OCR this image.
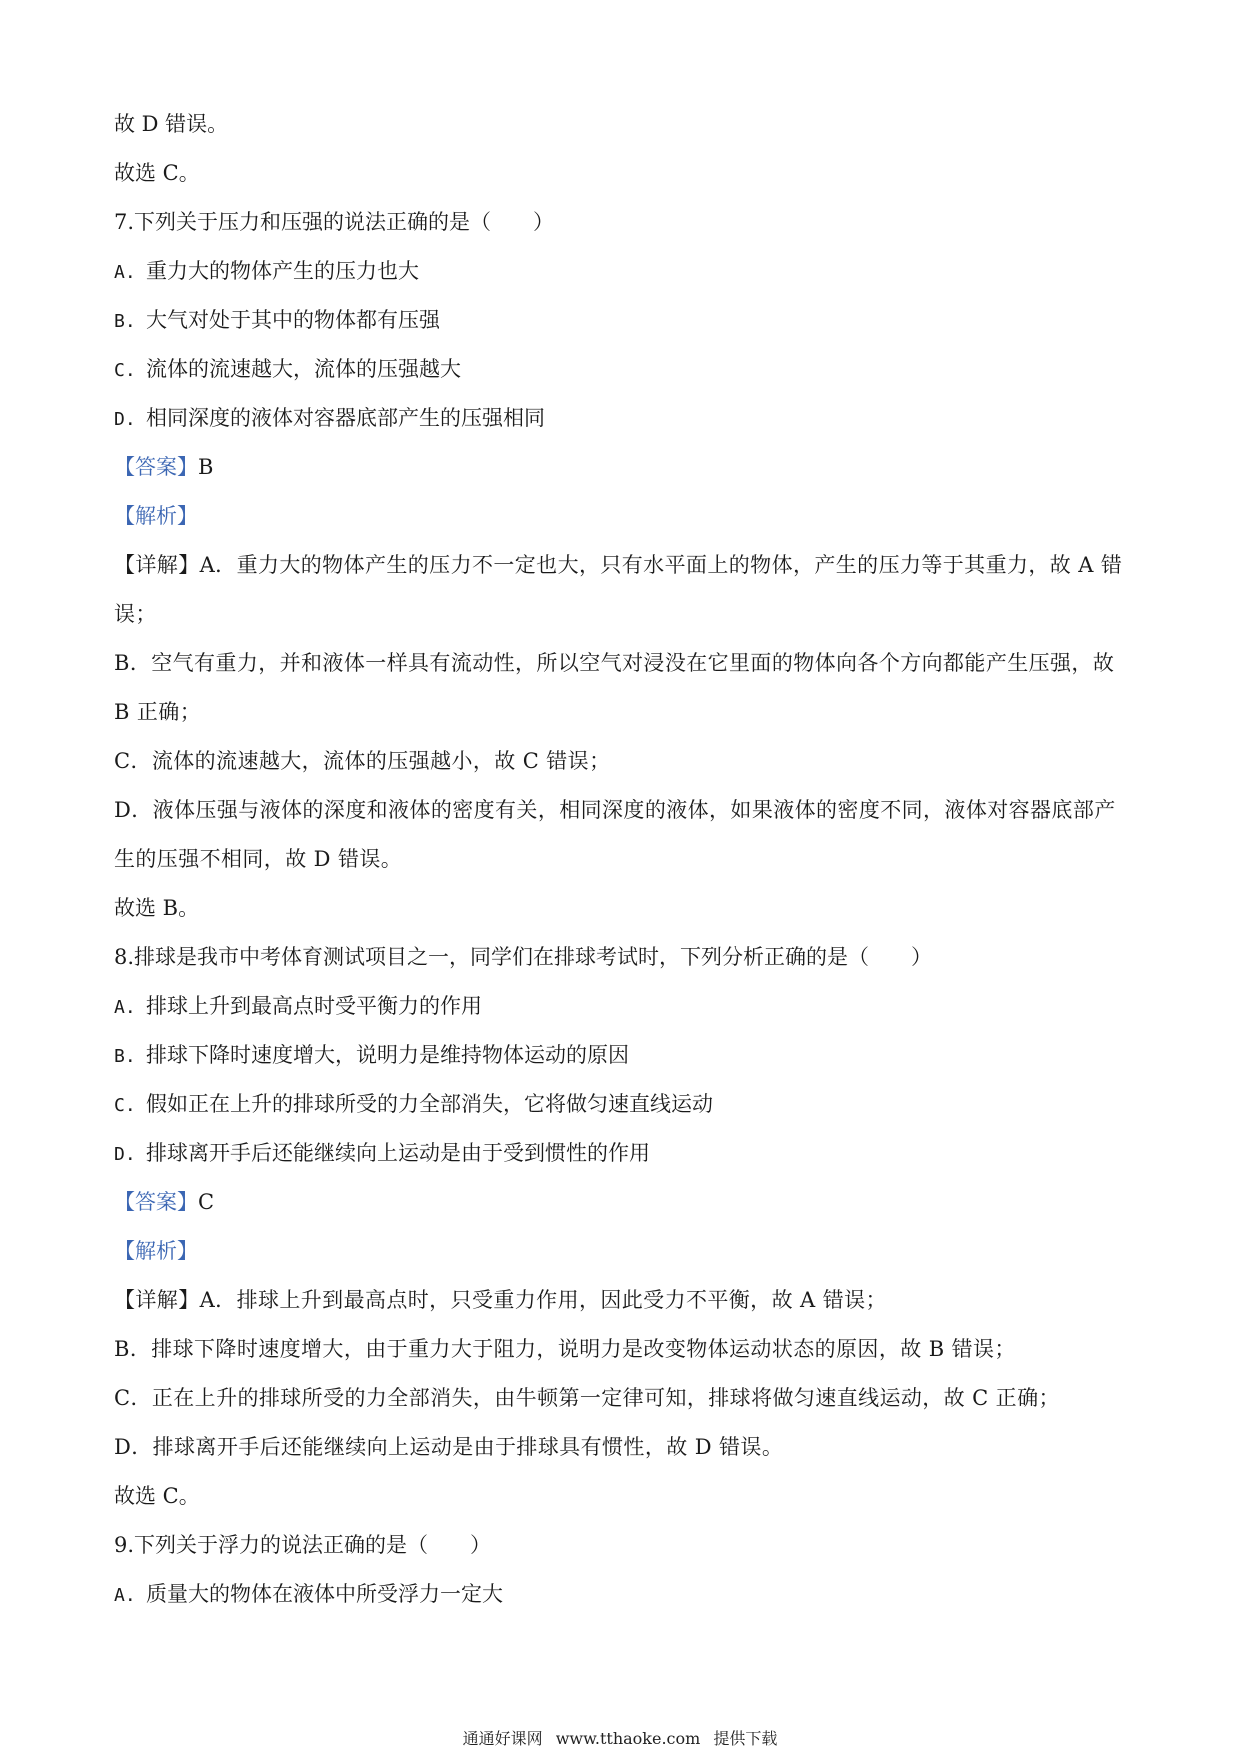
故 D 错误。

故选 C。

7.下列关于压力和压强的说法正确的是（　　）

A. 重力大的物体产生的压力也大

B. 大气对处于其中的物体都有压强

C. 流体的流速越大，流体的压强越大

D. 相同深度的液体对容器底部产生的压强相同

【答案】B

【解析】

【详解】A．重力大的物体产生的压力不一定也大，只有水平面上的物体，产生的压力等于其重力，故 A 错误；

B．空气有重力，并和液体一样具有流动性，所以空气对浸没在它里面的物体向各个方向都能产生压强，故 B 正确；

C．流体的流速越大，流体的压强越小，故 C 错误；

D．液体压强与液体的深度和液体的密度有关，相同深度的液体，如果液体的密度不同，液体对容器底部产生的压强不相同，故 D 错误。

故选 B。

8.排球是我市中考体育测试项目之一，同学们在排球考试时，下列分析正确的是（　　）

A. 排球上升到最高点时受平衡力的作用

B. 排球下降时速度增大，说明力是维持物体运动的原因

C. 假如正在上升的排球所受的力全部消失，它将做匀速直线运动

D. 排球离开手后还能继续向上运动是由于受到惯性的作用

【答案】C

【解析】

【详解】A．排球上升到最高点时，只受重力作用，因此受力不平衡，故 A 错误；

B．排球下降时速度增大，由于重力大于阻力，说明力是改变物体运动状态的原因，故 B 错误；

C．正在上升的排球所受的力全部消失，由牛顿第一定律可知，排球将做匀速直线运动，故 C 正确；

D．排球离开手后还能继续向上运动是由于排球具有惯性，故 D 错误。

故选 C。

9.下列关于浮力的说法正确的是（　　）

A. 质量大的物体在液体中所受浮力一定大

通通好课网 www.tthaoke.com 提供下载
